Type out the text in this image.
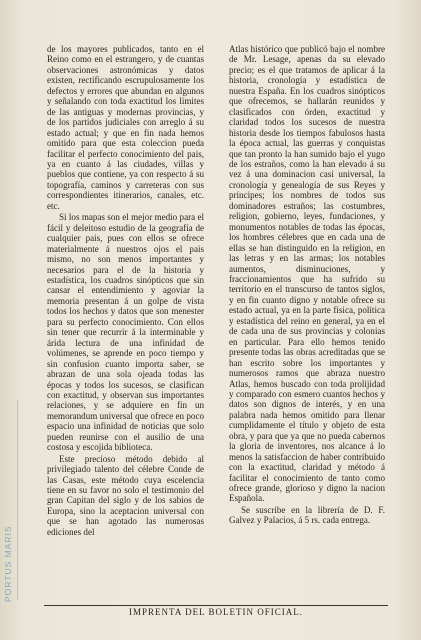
de los mayores publicados, tanto en el Reino como en el estrangero, y de cuantas observaciones astronómicas y datos existen, rectificando escrupulosamente los defectos y errores que abundan en algunos y señalando con toda exactitud los límites de las antiguas y modernas provincias, y de los partidos judiciales con arreglo á su estado actual; y que en fin nada hemos omitido para que esta coleccion pueda facilitar el perfecto conocimiento del pais, ya en cuanto á las ciudades, villas y pueblos que contiene, ya con respecto á su topografía, caminos y carreteras con sus correspondientes itinerarios, canales, etc. etc.

Si los mapas son el mejor medio para el fácil y deleitoso estudio de la geografía de cualquier pais, pues con ellos se ofrece materialmente á nuestros ojos el pais mismo, no son menos importantes y necesarios para el de la historia y estadística, los cuadros sinópticos que sin cansar el entendimiento y agoviar la memoria presentan á un golpe de vista todos los hechos y datos que son menester para su perfecto conocimiento. Con ellos sin tener que recurrir á la interminable y árida lectura de una infinidad de volúmenes, se aprende en poco tiempo y sin confusion cuanto importa saber, se abrazan de una sola ojeada todas las épocas y todos los sucesos, se clasifican con exactitud, y observan sus importantes relaciones, y se adquiere en fin un memorandum universal que ofrece en poco espacio una infinidad de noticias que solo pueden reunirse con el ausilio de una costosa y escojida biblioteca.

Este precioso método debido al privilegiado talento del célebre Conde de las Casas, este método cuya escelencia tiene en su favor no solo el testimonio del gran Capitan del siglo y de los sabios de Europa, sino la aceptacion universal con que se han agotado las numerosas ediciones del

Atlas histórico que publicó bajo el nombre de Mr. Lesage, apenas da su elevado precio; es el que tratamos de aplicar á la historia, cronología y estadística de nuestra España. En los cuadros sinópticos que ofrecemos, se hallarán reunidos y clasificados con órden, exactitud y claridad todos los sucesos de nuestra historia desde los tiempos fabulosos hasta la época actual, las guerras y conquistas que tan pronto la han sumido bajo el yugo de los estraños, como la han elevado á su vez á una dominacion casi universal, la cronología y genealogía de sus Reyes y príncipes; los nombres de todos sus dominadores estraños; las costumbres, religion, gobierno, leyes, fundaciones, y monumentos notables de todas las épocas, los hombres célebres que en cada una de ellas se han distinguido en la religion, en las letras y en las armas; los notables aumentos, disminuciones, y fraccionamientos que ha sufrido su territorio en el transcurso de tantos siglos, y en fin cuanto digno y notable ofrece su estado actual, ya en la parte física, política y estadística del reino en general, ya en el de cada una de sus provincias y colonias en particular. Para ello hemos tenido presente todas las obras acreditadas que se han escrito sobre los importantes y numerosos ramos que abraza nuestro Atlas, hemos buscado con toda prolijidad y comparado con esmero cuantos hechos y datos son dignos de interés, y en una palabra nada hemos omitido para llenar cumplidamente el título y objeto de esta obra, y para que ya que no pueda cabernos la gloria de inventores, nos alcance á lo menos la satisfaccion de haber contribuido con la exactitud, claridad y método á facilitar el conocimiento de tanto como ofrece grande, glorioso y digno la nacion Española.

Se suscribe en la librería de D. F. Galvez y Palacios, á 5 rs. cada entrega.

IMPRENTA DEL BOLETIN OFICIAL.
PORTUS MARIS
